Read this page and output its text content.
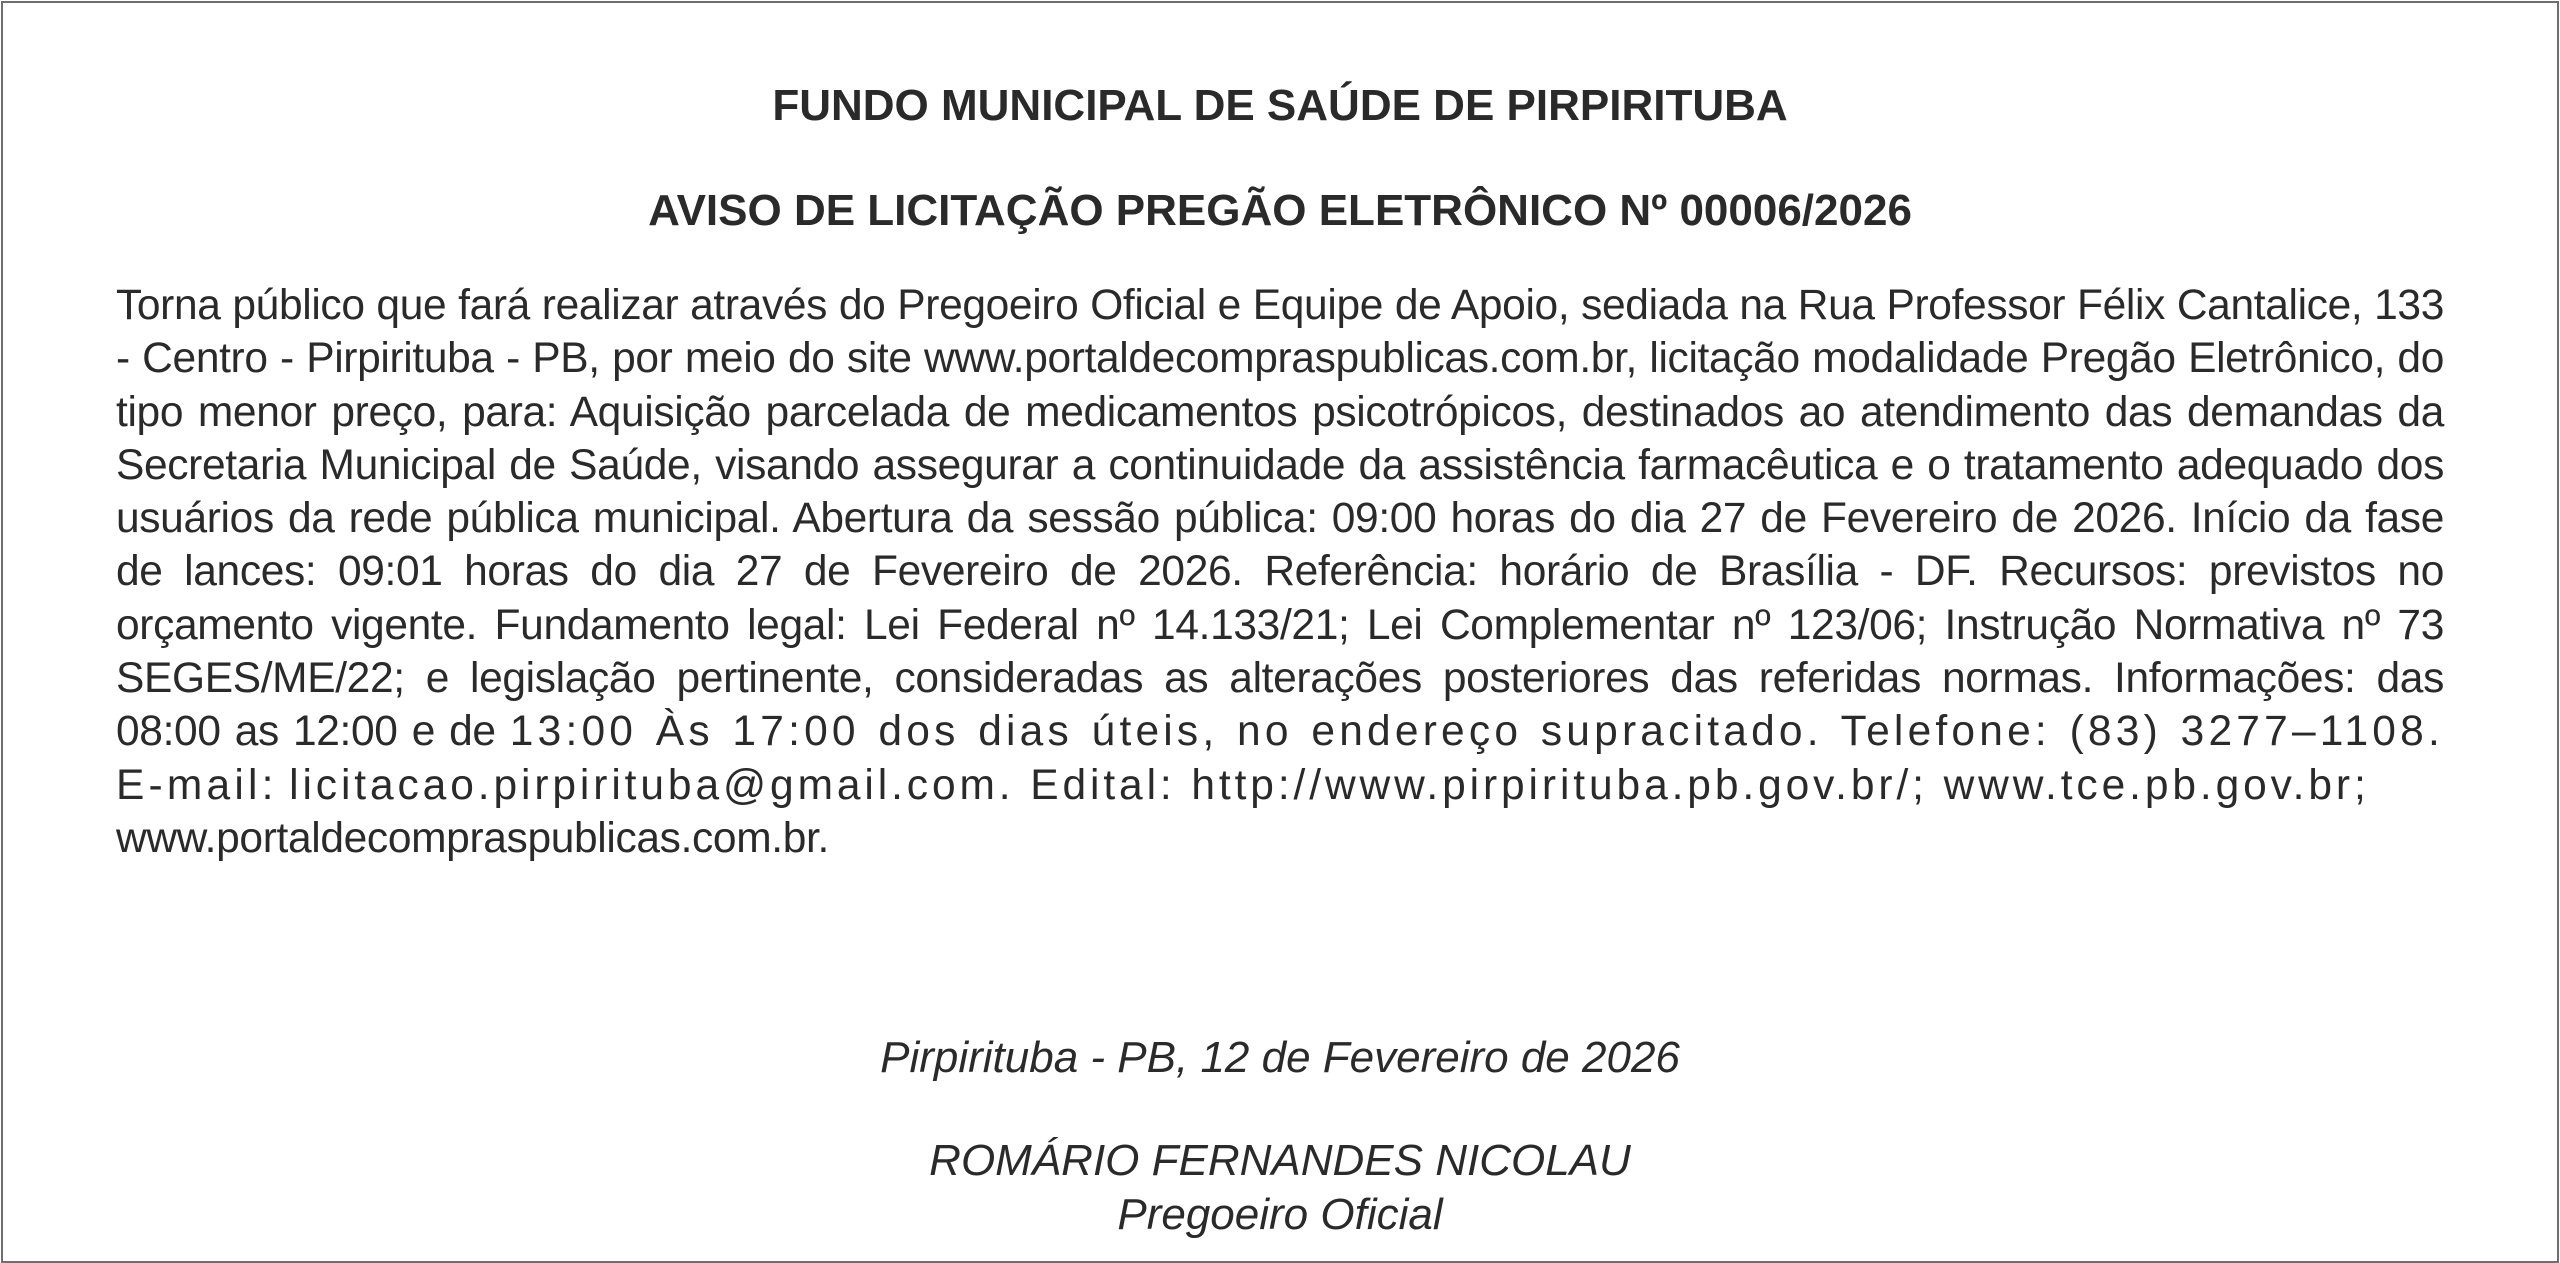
FUNDO MUNICIPAL DE SAÚDE DE PIRPIRITUBA

AVISO DE LICITAÇÃO PREGÃO ELETRÔNICO Nº 00006/2026

Torna público que fará realizar através do Pregoeiro Oficial e Equipe de Apoio, sediada na Rua Professor Félix Cantalice, 133 - Centro - Pirpirituba - PB, por meio do site www.portaldecompraspublicas.com.br, licitação modalidade Pregão Eletrônico, do tipo menor preço, para: Aquisição parcelada de medicamentos psicotrópicos, destinados ao atendimento das demandas da Secretaria Municipal de Saúde, visando assegurar a continuidade da assistência farmacêutica e o tratamento adequado dos usuários da rede pública municipal. Abertura da sessão pública: 09:00 horas do dia 27 de Fevereiro de 2026. Início da fase de lances: 09:01 horas do dia 27 de Fevereiro de 2026. Referência: horário de Brasília - DF. Recursos: previstos no orçamento vigente. Fundamento legal: Lei Federal nº 14.133/21; Lei Complementar nº 123/06; Instrução Normativa nº 73 SEGES/ME/22; e legislação pertinente, consideradas as alterações posteriores das referidas normas. Informações: das 08:00 as 12:00 e de 13:00 Às 17:00 dos dias úteis, no endereço supracitado. Telefone: (83) 3277–1108. E-mail: licitacao.pirpirituba@gmail.com. Edital: http://www.pirpirituba.pb.gov.br/; www.tce.pb.gov.br;
www.portaldecompraspublicas.com.br.
Pirpirituba - PB, 12 de Fevereiro de 2026
ROMÁRIO FERNANDES NICOLAU
Pregoeiro Oficial
